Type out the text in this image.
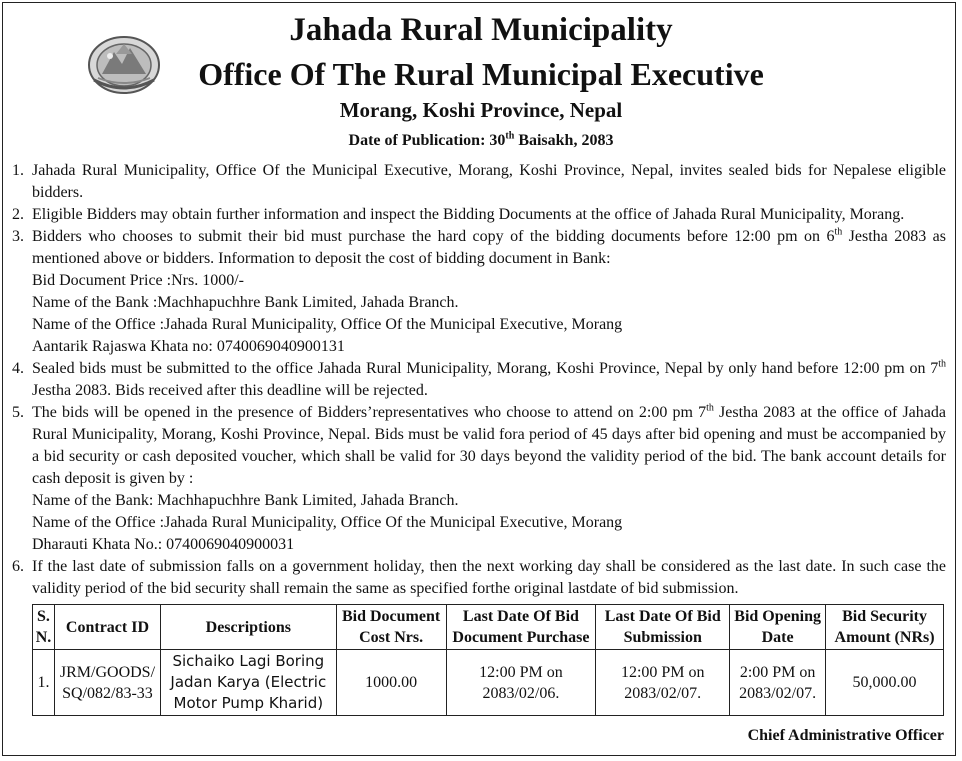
Jahada Rural Municipality
Office Of The Rural Municipal Executive
Morang, Koshi Province, Nepal
Date of Publication: 30th Baisakh, 2083
1. Jahada Rural Municipality, Office Of the Municipal Executive, Morang, Koshi Province, Nepal, invites sealed bids for Nepalese eligible bidders.
2. Eligible Bidders may obtain further information and inspect the Bidding Documents at the office of Jahada Rural Municipality, Morang.
3. Bidders who chooses to submit their bid must purchase the hard copy of the bidding documents before 12:00 pm on 6th Jestha 2083 as mentioned above or bidders. Information to deposit the cost of bidding document in Bank:
Bid Document Price :Nrs. 1000/-
Name of the Bank :Machhapuchhre Bank Limited, Jahada Branch.
Name of the Office :Jahada Rural Municipality, Office Of the Municipal Executive, Morang
Aantarik Rajaswa Khata no: 0740069040900131
4. Sealed bids must be submitted to the office Jahada Rural Municipality, Morang, Koshi Province, Nepal by only hand before 12:00 pm on 7th Jestha 2083. Bids received after this deadline will be rejected.
5. The bids will be opened in the presence of Bidders’representatives who choose to attend on 2:00 pm 7th Jestha 2083 at the office of Jahada Rural Municipality, Morang, Koshi Province, Nepal. Bids must be valid fora period of 45 days after bid opening and must be accompanied by a bid security or cash deposited voucher, which shall be valid for 30 days beyond the validity period of the bid. The bank account details for cash deposit is given by :
Name of the Bank: Machhapuchhre Bank Limited, Jahada Branch.
Name of the Office :Jahada Rural Municipality, Office Of the Municipal Executive, Morang
Dharauti Khata No.: 0740069040900031
6. If the last date of submission falls on a government holiday, then the next working day shall be considered as the last date. In such case the validity period of the bid security shall remain the same as specified forthe original lastdate of bid submission.
S. N.	Contract ID	Descriptions	Bid Document Cost Nrs.	Last Date Of Bid Document Purchase	Last Date Of Bid Submission	Bid Opening Date	Bid Security Amount (NRs)
1.	JRM/GOODS/ SQ/082/83-33	Sichaiko Lagi Boring Jadan Karya (Electric Motor Pump Kharid)	1000.00	12:00 PM on 2083/02/06.	12:00 PM on 2083/02/07.	2:00 PM on 2083/02/07.	50,000.00
Chief Administrative Officer
